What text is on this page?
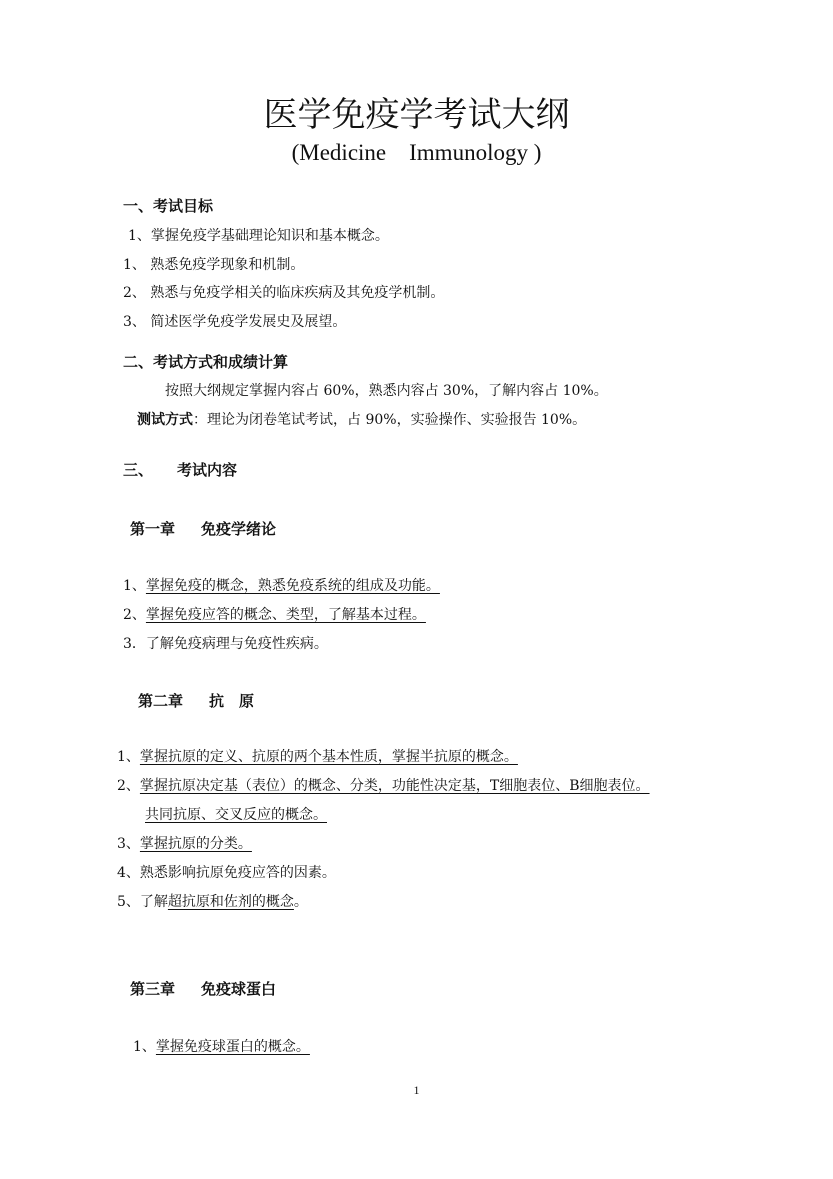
医学免疫学考试大纲
(Medicine　Immunology )
一、考试目标
1、掌握免疫学基础理论知识和基本概念。
1、 熟悉免疫学现象和机制。
2、 熟悉与免疫学相关的临床疾病及其免疫学机制。
3、 简述医学免疫学发展史及展望。
二、考试方式和成绩计算
按照大纲规定掌握内容占 60%，熟悉内容占 30%，了解内容占 10%。
测试方式：理论为闭卷笔试考试，占 90%，实验操作、实验报告 10%。
三、 考试内容
第一章 免疫学绪论
1、掌握免疫的概念，熟悉免疫系统的组成及功能。
2、掌握免疫应答的概念、类型，了解基本过程。
3．了解免疫病理与免疫性疾病。
第二章 抗　原
1、掌握抗原的定义、抗原的两个基本性质，掌握半抗原的概念。
2、掌握抗原决定基（表位）的概念、分类，功能性决定基，T细胞表位、B细胞表位。
共同抗原、交叉反应的概念。
3、掌握抗原的分类。
4、熟悉影响抗原免疫应答的因素。
5、了解超抗原和佐剂的概念。
第三章 免疫球蛋白
1、掌握免疫球蛋白的概念。
1
